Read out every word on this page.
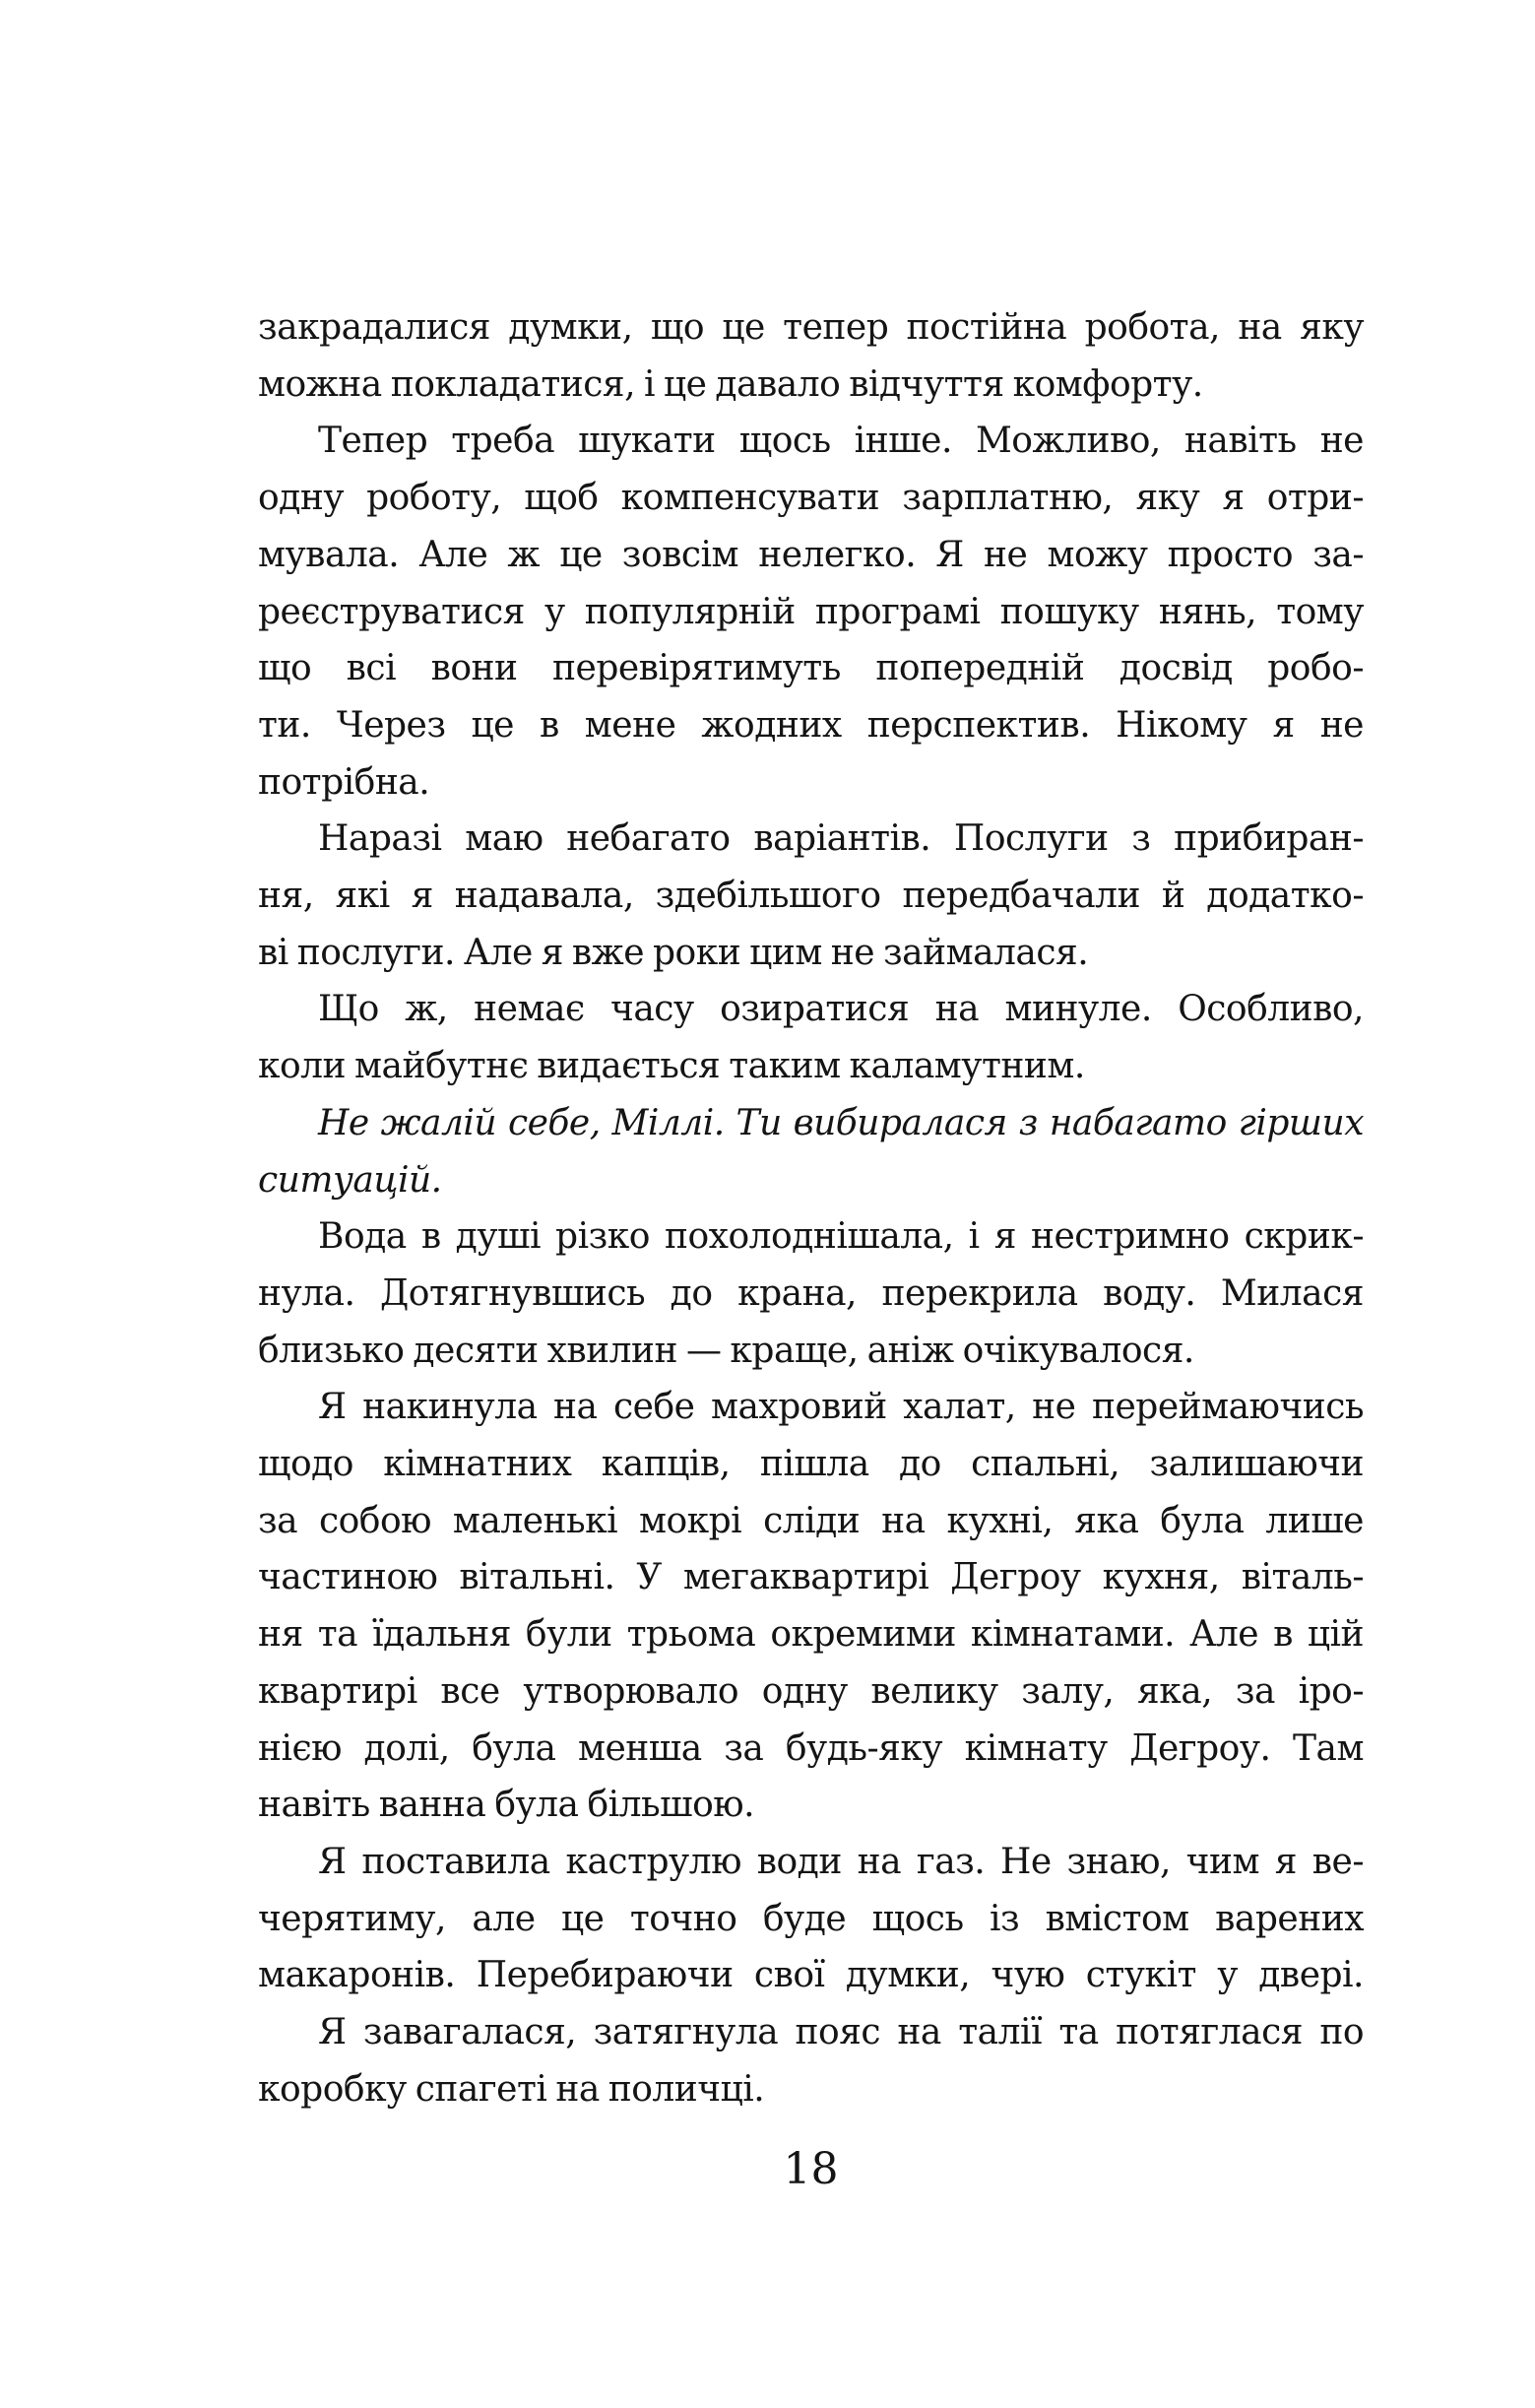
закрадалися думки, що це тепер постійна робота, на яку
можна покладатися, і це давало відчуття комфорту.
Тепер треба шукати щось інше. Можливо, навіть не
одну роботу, щоб компенсувати зарплатню, яку я отри-
мувала. Але ж це зовсім нелегко. Я не можу просто за-
реєструватися у популярній програмі пошуку нянь, тому
що всі вони перевірятимуть попередній досвід робо-
ти. Через це в мене жодних перспектив. Нікому я не
потрібна.
Наразі маю небагато варіантів. Послуги з прибиран-
ня, які я надавала, здебільшого передбачали й додатко-
ві послуги. Але я вже роки цим не займалася.
Що ж, немає часу озиратися на минуле. Особливо,
коли майбутнє видається таким каламутним.
Не жалій себе, Міллі. Ти вибиралася з набагато гірших
ситуацій.
Вода в душі різко похолоднішала, і я нестримно скрик-
нула. Дотягнувшись до крана, перекрила воду. Милася
близько десяти хвилин — краще, аніж очікувалося.
Я накинула на себе махровий халат, не переймаючись
щодо кімнатних капців, пішла до спальні, залишаючи
за собою маленькі мокрі сліди на кухні, яка була лише
частиною вітальні. У мегаквартирі Дегроу кухня, віталь-
ня та їдальня були трьома окремими кімнатами. Але в цій
квартирі все утворювало одну велику залу, яка, за іро-
нією долі, була менша за будь-яку кімнату Дегроу. Там
навіть ванна була більшою.
Я поставила каструлю води на газ. Не знаю, чим я ве-
черятиму, але це точно буде щось із вмістом варених
макаронів. Перебираючи свої думки, чую стукіт у двері.
Я завагалася, затягнула пояс на талії та потяглася по
коробку спагеті на поличці.
18
